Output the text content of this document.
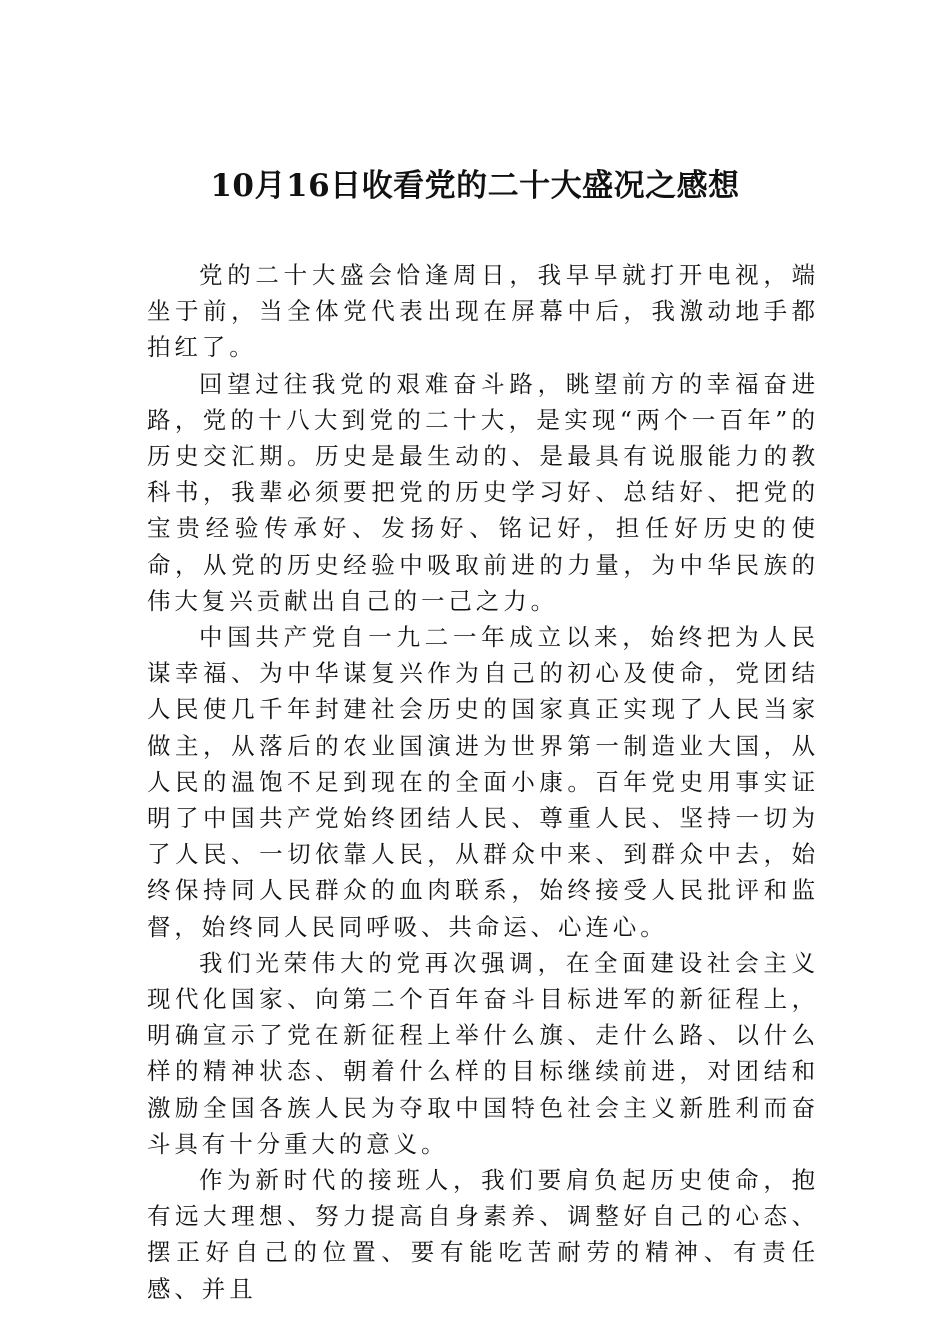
10月16日收看党的二十大盛况之感想

党的二十大盛会恰逢周日，我早早就打开电视，端坐于前，当全体党代表出现在屏幕中后，我激动地手都拍红了。

回望过往我党的艰难奋斗路，眺望前方的幸福奋进路，党的十八大到党的二十大，是实现“两个一百年”的历史交汇期。历史是最生动的、是最具有说服能力的教科书，我辈必须要把党的历史学习好、总结好、把党的宝贵经验传承好、发扬好、铭记好，担任好历史的使命，从党的历史经验中吸取前进的力量，为中华民族的伟大复兴贡献出自己的一己之力。

中国共产党自一九二一年成立以来，始终把为人民谋幸福、为中华谋复兴作为自己的初心及使命，党团结人民使几千年封建社会历史的国家真正实现了人民当家做主，从落后的农业国演进为世界第一制造业大国，从人民的温饱不足到现在的全面小康。百年党史用事实证明了中国共产党始终团结人民、尊重人民、坚持一切为了人民、一切依靠人民，从群众中来、到群众中去，始终保持同人民群众的血肉联系，始终接受人民批评和监督，始终同人民同呼吸、共命运、心连心。

我们光荣伟大的党再次强调，在全面建设社会主义现代化国家、向第二个百年奋斗目标进军的新征程上，明确宣示了党在新征程上举什么旗、走什么路、以什么样的精神状态、朝着什么样的目标继续前进，对团结和激励全国各族人民为夺取中国特色社会主义新胜利而奋斗具有十分重大的意义。

作为新时代的接班人，我们要肩负起历史使命，抱有远大理想、努力提高自身素养、调整好自己的心态、摆正好自己的位置、要有能吃苦耐劳的精神、有责任感、并且
